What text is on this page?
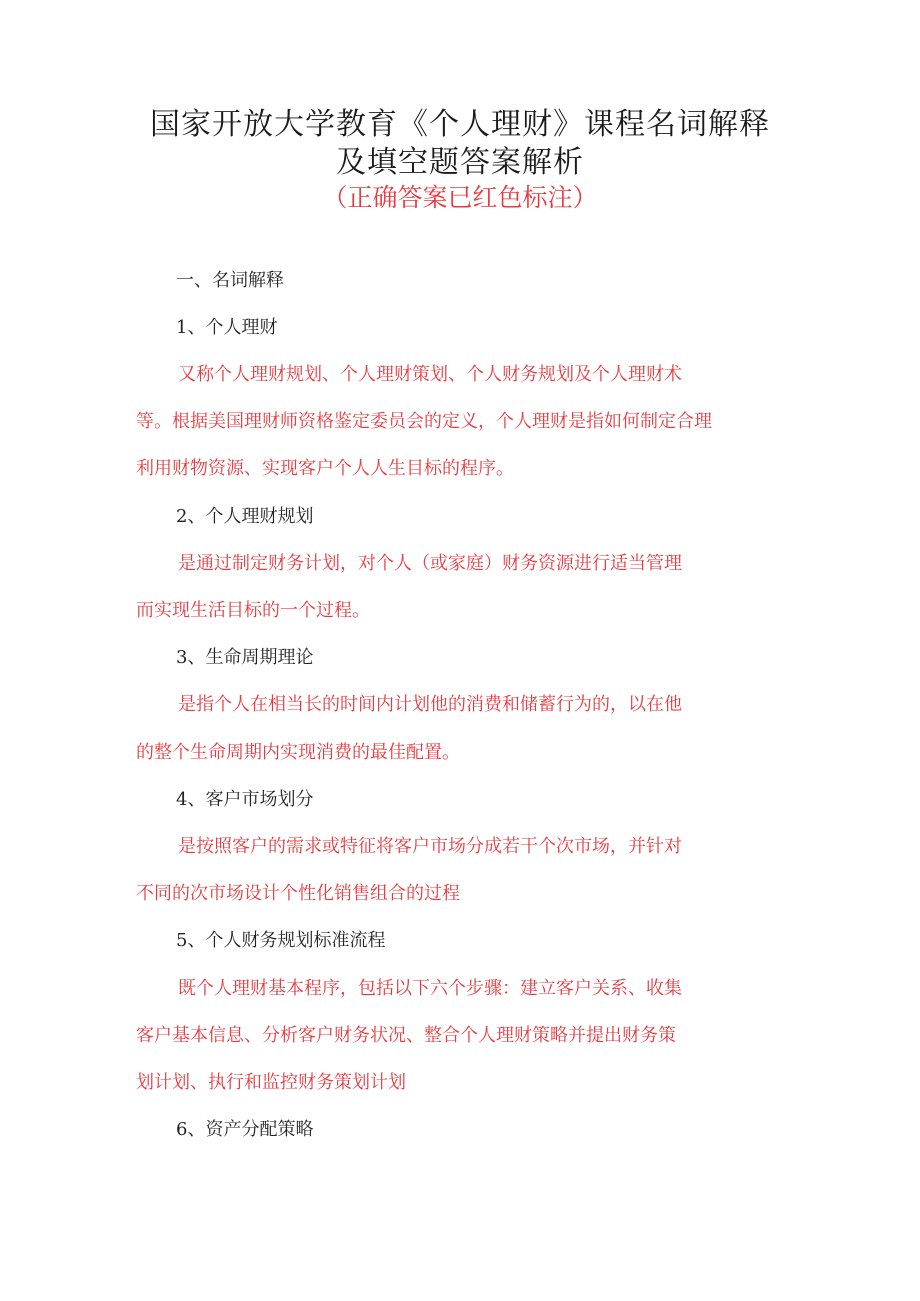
国家开放大学教育《个人理财》课程名词解释
及填空题答案解析
（正确答案已红色标注）
一、名词解释
1、个人理财
又称个人理财规划、个人理财策划、个人财务规划及个人理财术
等。根据美国理财师资格鉴定委员会的定义，个人理财是指如何制定合理
利用财物资源、实现客户个人人生目标的程序。
2、个人理财规划
是通过制定财务计划，对个人（或家庭）财务资源进行适当管理
而实现生活目标的一个过程。
3、生命周期理论
是指个人在相当长的时间内计划他的消费和储蓄行为的，以在他
的整个生命周期内实现消费的最佳配置。
4、客户市场划分
是按照客户的需求或特征将客户市场分成若干个次市场，并针对
不同的次市场设计个性化销售组合的过程
5、个人财务规划标准流程
既个人理财基本程序，包括以下六个步骤：建立客户关系、收集
客户基本信息、分析客户财务状况、整合个人理财策略并提出财务策
划计划、执行和监控财务策划计划
6、资产分配策略
